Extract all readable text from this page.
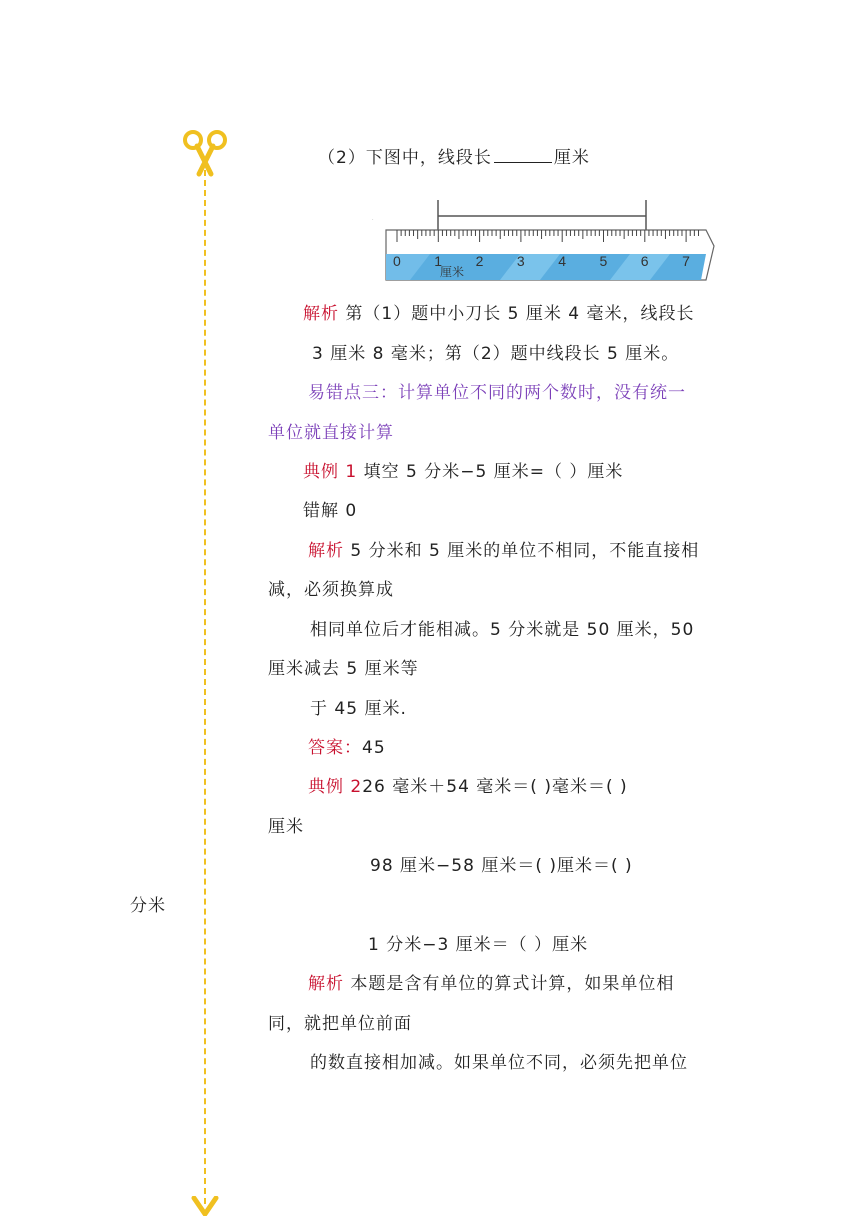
（2）下图中，线段长	厘米
.
0 1 2 3 4 5 6 7
厘米
解析 第（1）题中小刀长 5 厘米 4 毫米，线段长
3 厘米 8 毫米；第（2）题中线段长 5 厘米。
易错点三：计算单位不同的两个数时，没有统一
单位就直接计算
典例 1 填空 5 分米−5 厘米=（ ）厘米
错解 0
解析 5 分米和 5 厘米的单位不相同，不能直接相
减，必须换算成
相同单位后才能相减。5 分米就是 50 厘米，50
厘米减去 5 厘米等
于 45 厘米.
答案：45
典例 226 毫米＋54 毫米＝( )毫米＝( )
厘米
98 厘米−58 厘米＝( )厘米＝( )
分米
1 分米−3 厘米＝（ ）厘米
解析 本题是含有单位的算式计算，如果单位相
同，就把单位前面
的数直接相加减。如果单位不同，必须先把单位
